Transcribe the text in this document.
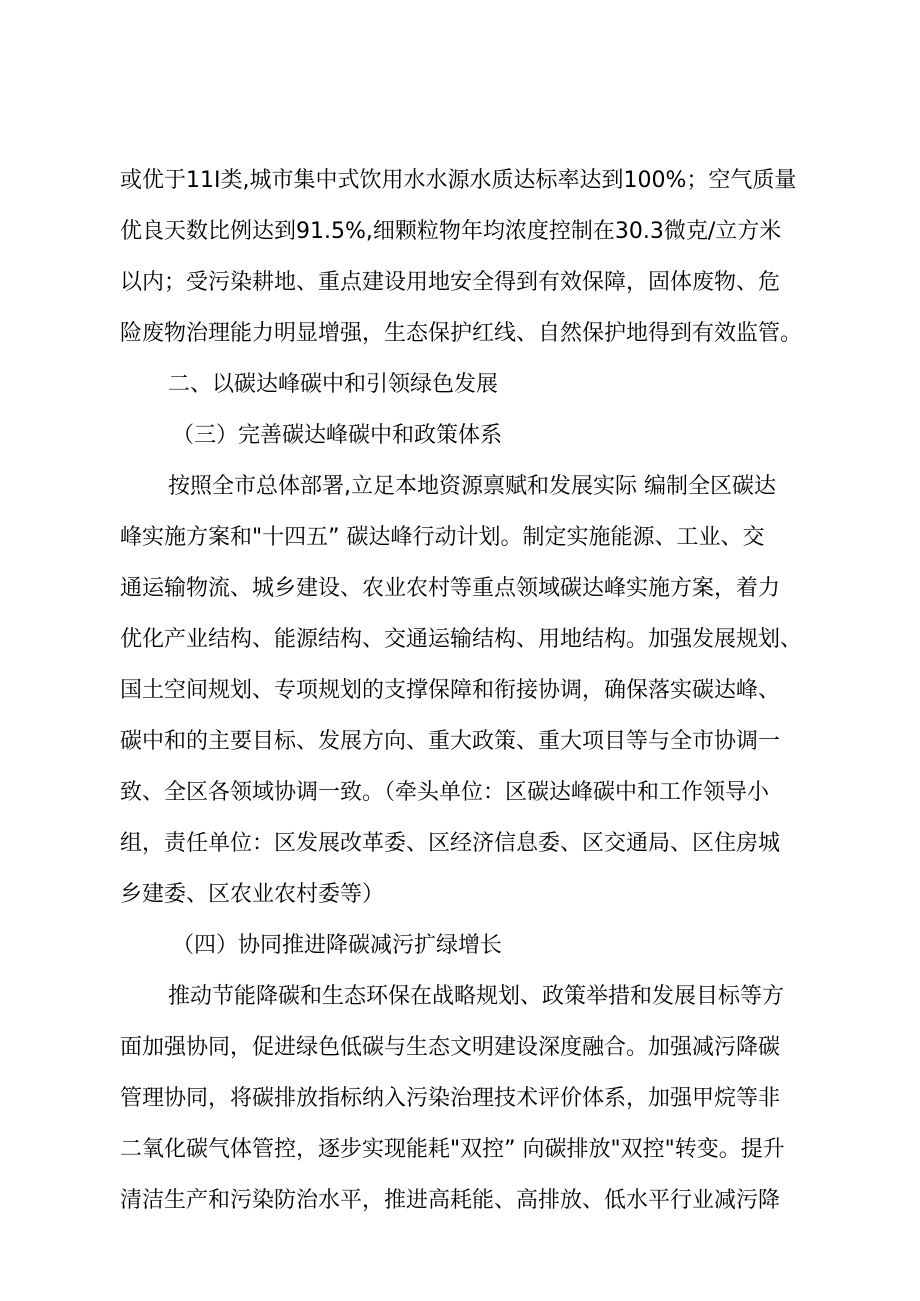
或优于11I类,城市集中式饮用水水源水质达标率达到100%；空气质量
优良天数比例达到91.5%,细颗粒物年均浓度控制在30.3微克/立方米
以内；受污染耕地、重点建设用地安全得到有效保障，固体废物、危
险废物治理能力明显增强，生态保护红线、自然保护地得到有效监管。
二、以碳达峰碳中和引领绿色发展
（三）完善碳达峰碳中和政策体系
按照全市总体部署,立足本地资源禀赋和发展实际 编制全区碳达
峰实施方案和"十四五” 碳达峰行动计划。制定实施能源、工业、交
通运输物流、城乡建设、农业农村等重点领域碳达峰实施方案，着力
优化产业结构、能源结构、交通运输结构、用地结构。加强发展规划、
国土空间规划、专项规划的支撑保障和衔接协调，确保落实碳达峰、
碳中和的主要目标、发展方向、重大政策、重大项目等与全市协调一
致、全区各领域协调一致。（牵头单位：区碳达峰碳中和工作领导小
组，责任单位：区发展改革委、区经济信息委、区交通局、区住房城
乡建委、区农业农村委等）
（四）协同推进降碳减污扩绿增长
推动节能降碳和生态环保在战略规划、政策举措和发展目标等方
面加强协同，促进绿色低碳与生态文明建设深度融合。加强减污降碳
管理协同，将碳排放指标纳入污染治理技术评价体系，加强甲烷等非
二氧化碳气体管控，逐步实现能耗"双控” 向碳排放"双控"转变。提升
清洁生产和污染防治水平，推进高耗能、高排放、低水平行业减污降
